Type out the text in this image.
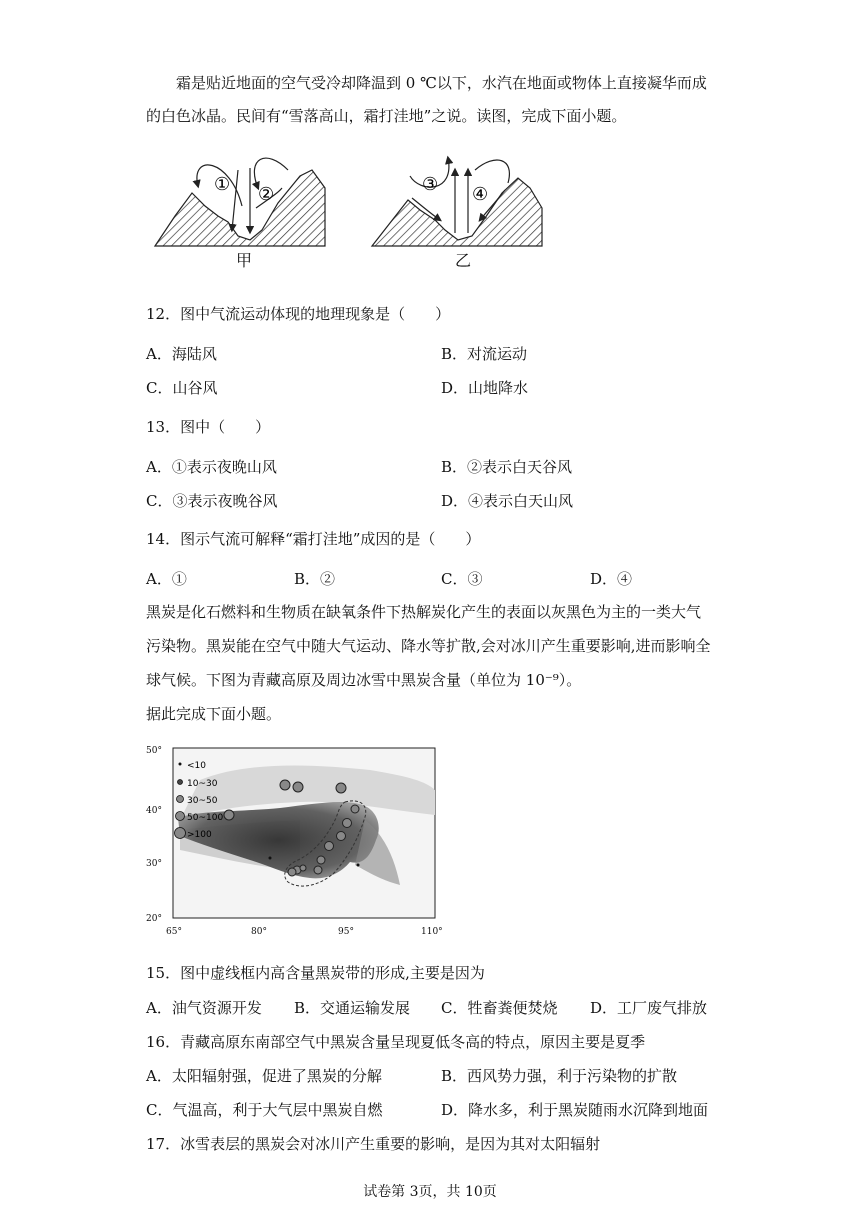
霜是贴近地面的空气受冷却降温到 0 ℃以下，水汽在地面或物体上直接凝华而成
的白色冰晶。民间有“雪落高山，霜打洼地”之说。读图，完成下面小题。
① ②	③ ④
甲	乙
12．图中气流运动体现的地理现象是（　　）
A．海陆风	B．对流运动
C．山谷风	D．山地降水
13．图中（　　）
A．①表示夜晚山风	B．②表示白天谷风
C．③表示夜晚谷风	D．④表示白天山风
14．图示气流可解释“霜打洼地”成因的是（　　）
A．①	B．②	C．③	D．④
黑炭是化石燃料和生物质在缺氧条件下热解炭化产生的表面以灰黑色为主的一类大气
污染物。黑炭能在空气中随大气运动、降水等扩散,会对冰川产生重要影响,进而影响全
球气候。下图为青藏高原及周边冰雪中黑炭含量（单位为 10⁻⁹）。
据此完成下面小题。
<10
10~30
30~50
50~100
>100
50°
40°
30°
20°
65°	80°	95°	110°
15．图中虚线框内高含量黑炭带的形成,主要是因为
A．油气资源开发 B．交通运输发展 C．牲畜粪便焚烧 D．工厂废气排放
16．青藏高原东南部空气中黑炭含量呈现夏低冬高的特点，原因主要是夏季
A．太阳辐射强，促进了黑炭的分解	B．西风势力强，利于污染物的扩散
C．气温高，利于大气层中黑炭自燃	D．降水多，利于黑炭随雨水沉降到地面
17．冰雪表层的黑炭会对冰川产生重要的影响，是因为其对太阳辐射
试卷第 3页，共 10页
